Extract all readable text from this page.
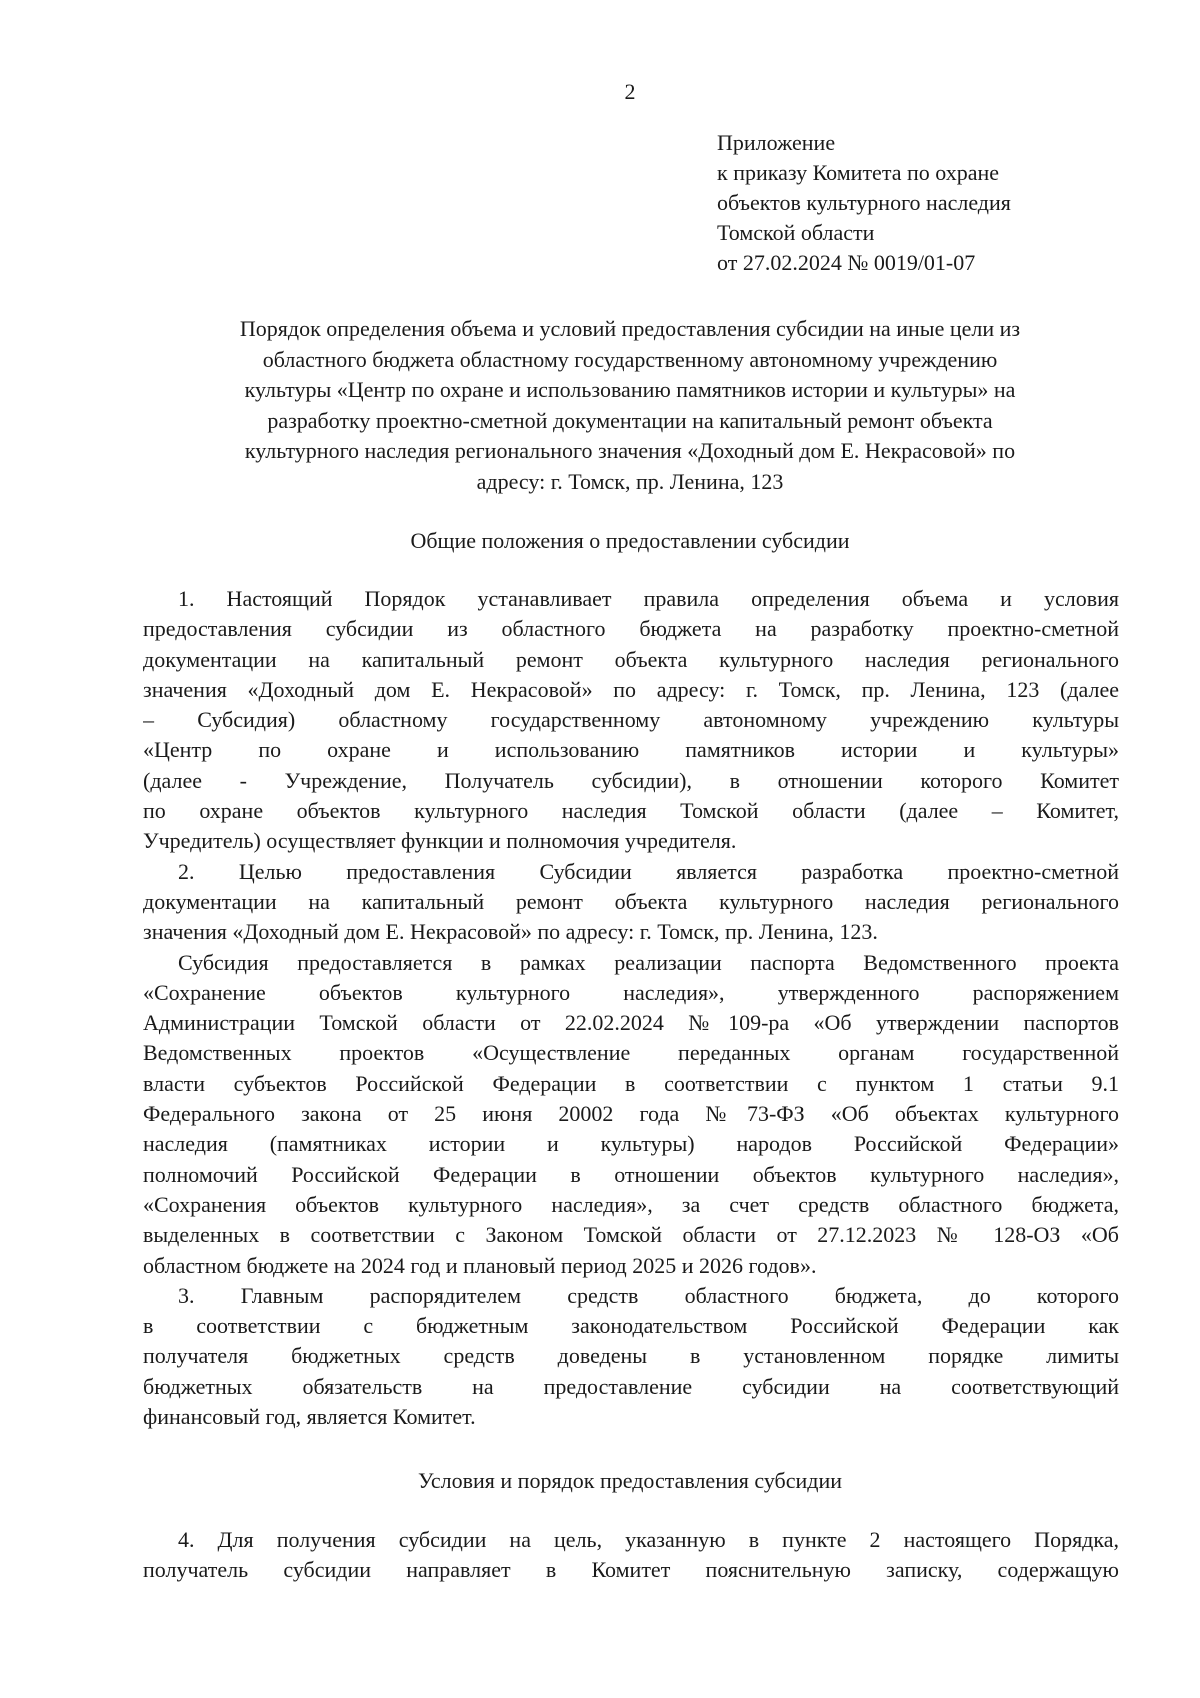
2
Приложение
к приказу Комитета по охране
объектов культурного наследия
Томской области
от 27.02.2024 № 0019/01-07
Порядок определения объема и условий предоставления субсидии на иные цели из
областного бюджета областному государственному автономному учреждению
культуры «Центр по охране и использованию памятников истории и культуры» на
разработку проектно-сметной документации на капитальный ремонт объекта
культурного наследия регионального значения «Доходный дом Е. Некрасовой» по
адресу: г. Томск, пр. Ленина, 123
Общие положения о предоставлении субсидии
1. Настоящий Порядок устанавливает правила определения объема и условия
предоставления субсидии из областного бюджета на разработку проектно-сметной
документации на капитальный ремонт объекта культурного наследия регионального
значения «Доходный дом Е. Некрасовой» по адресу: г. Томск, пр. Ленина, 123 (далее
– Субсидия) областному государственному автономному учреждению культуры
«Центр по охране и использованию памятников истории и культуры»
(далее - Учреждение, Получатель субсидии), в отношении которого Комитет
по охране объектов культурного наследия Томской области (далее – Комитет,
Учредитель) осуществляет функции и полномочия учредителя.
2. Целью предоставления Субсидии является разработка проектно-сметной
документации на капитальный ремонт объекта культурного наследия регионального
значения «Доходный дом Е. Некрасовой» по адресу: г. Томск, пр. Ленина, 123.
Субсидия предоставляется в рамках реализации паспорта Ведомственного проекта
«Сохранение объектов культурного наследия», утвержденного распоряжением
Администрации Томской области от 22.02.2024 №109-ра «Об утверждении паспортов
Ведомственных проектов «Осуществление переданных органам государственной
власти субъектов Российской Федерации в соответствии с пунктом 1 статьи 9.1
Федерального закона от 25 июня 20002 года №73-ФЗ «Об объектах культурного
наследия (памятниках истории и культуры) народов Российской Федерации»
полномочий Российской Федерации в отношении объектов культурного наследия»,
«Сохранения объектов культурного наследия», за счет средств областного бюджета,
выделенных в соответствии с Законом Томской области от 27.12.2023 № 128-ОЗ «Об
областном бюджете на 2024 год и плановый период 2025 и 2026 годов».
3. Главным распорядителем средств областного бюджета, до которого
в соответствии с бюджетным законодательством Российской Федерации как
получателя бюджетных средств доведены в установленном порядке лимиты
бюджетных обязательств на предоставление субсидии на соответствующий
финансовый год, является Комитет.
Условия и порядок предоставления субсидии
4. Для получения субсидии на цель, указанную в пункте 2 настоящего Порядка,
получатель субсидии направляет в Комитет пояснительную записку, содержащую
